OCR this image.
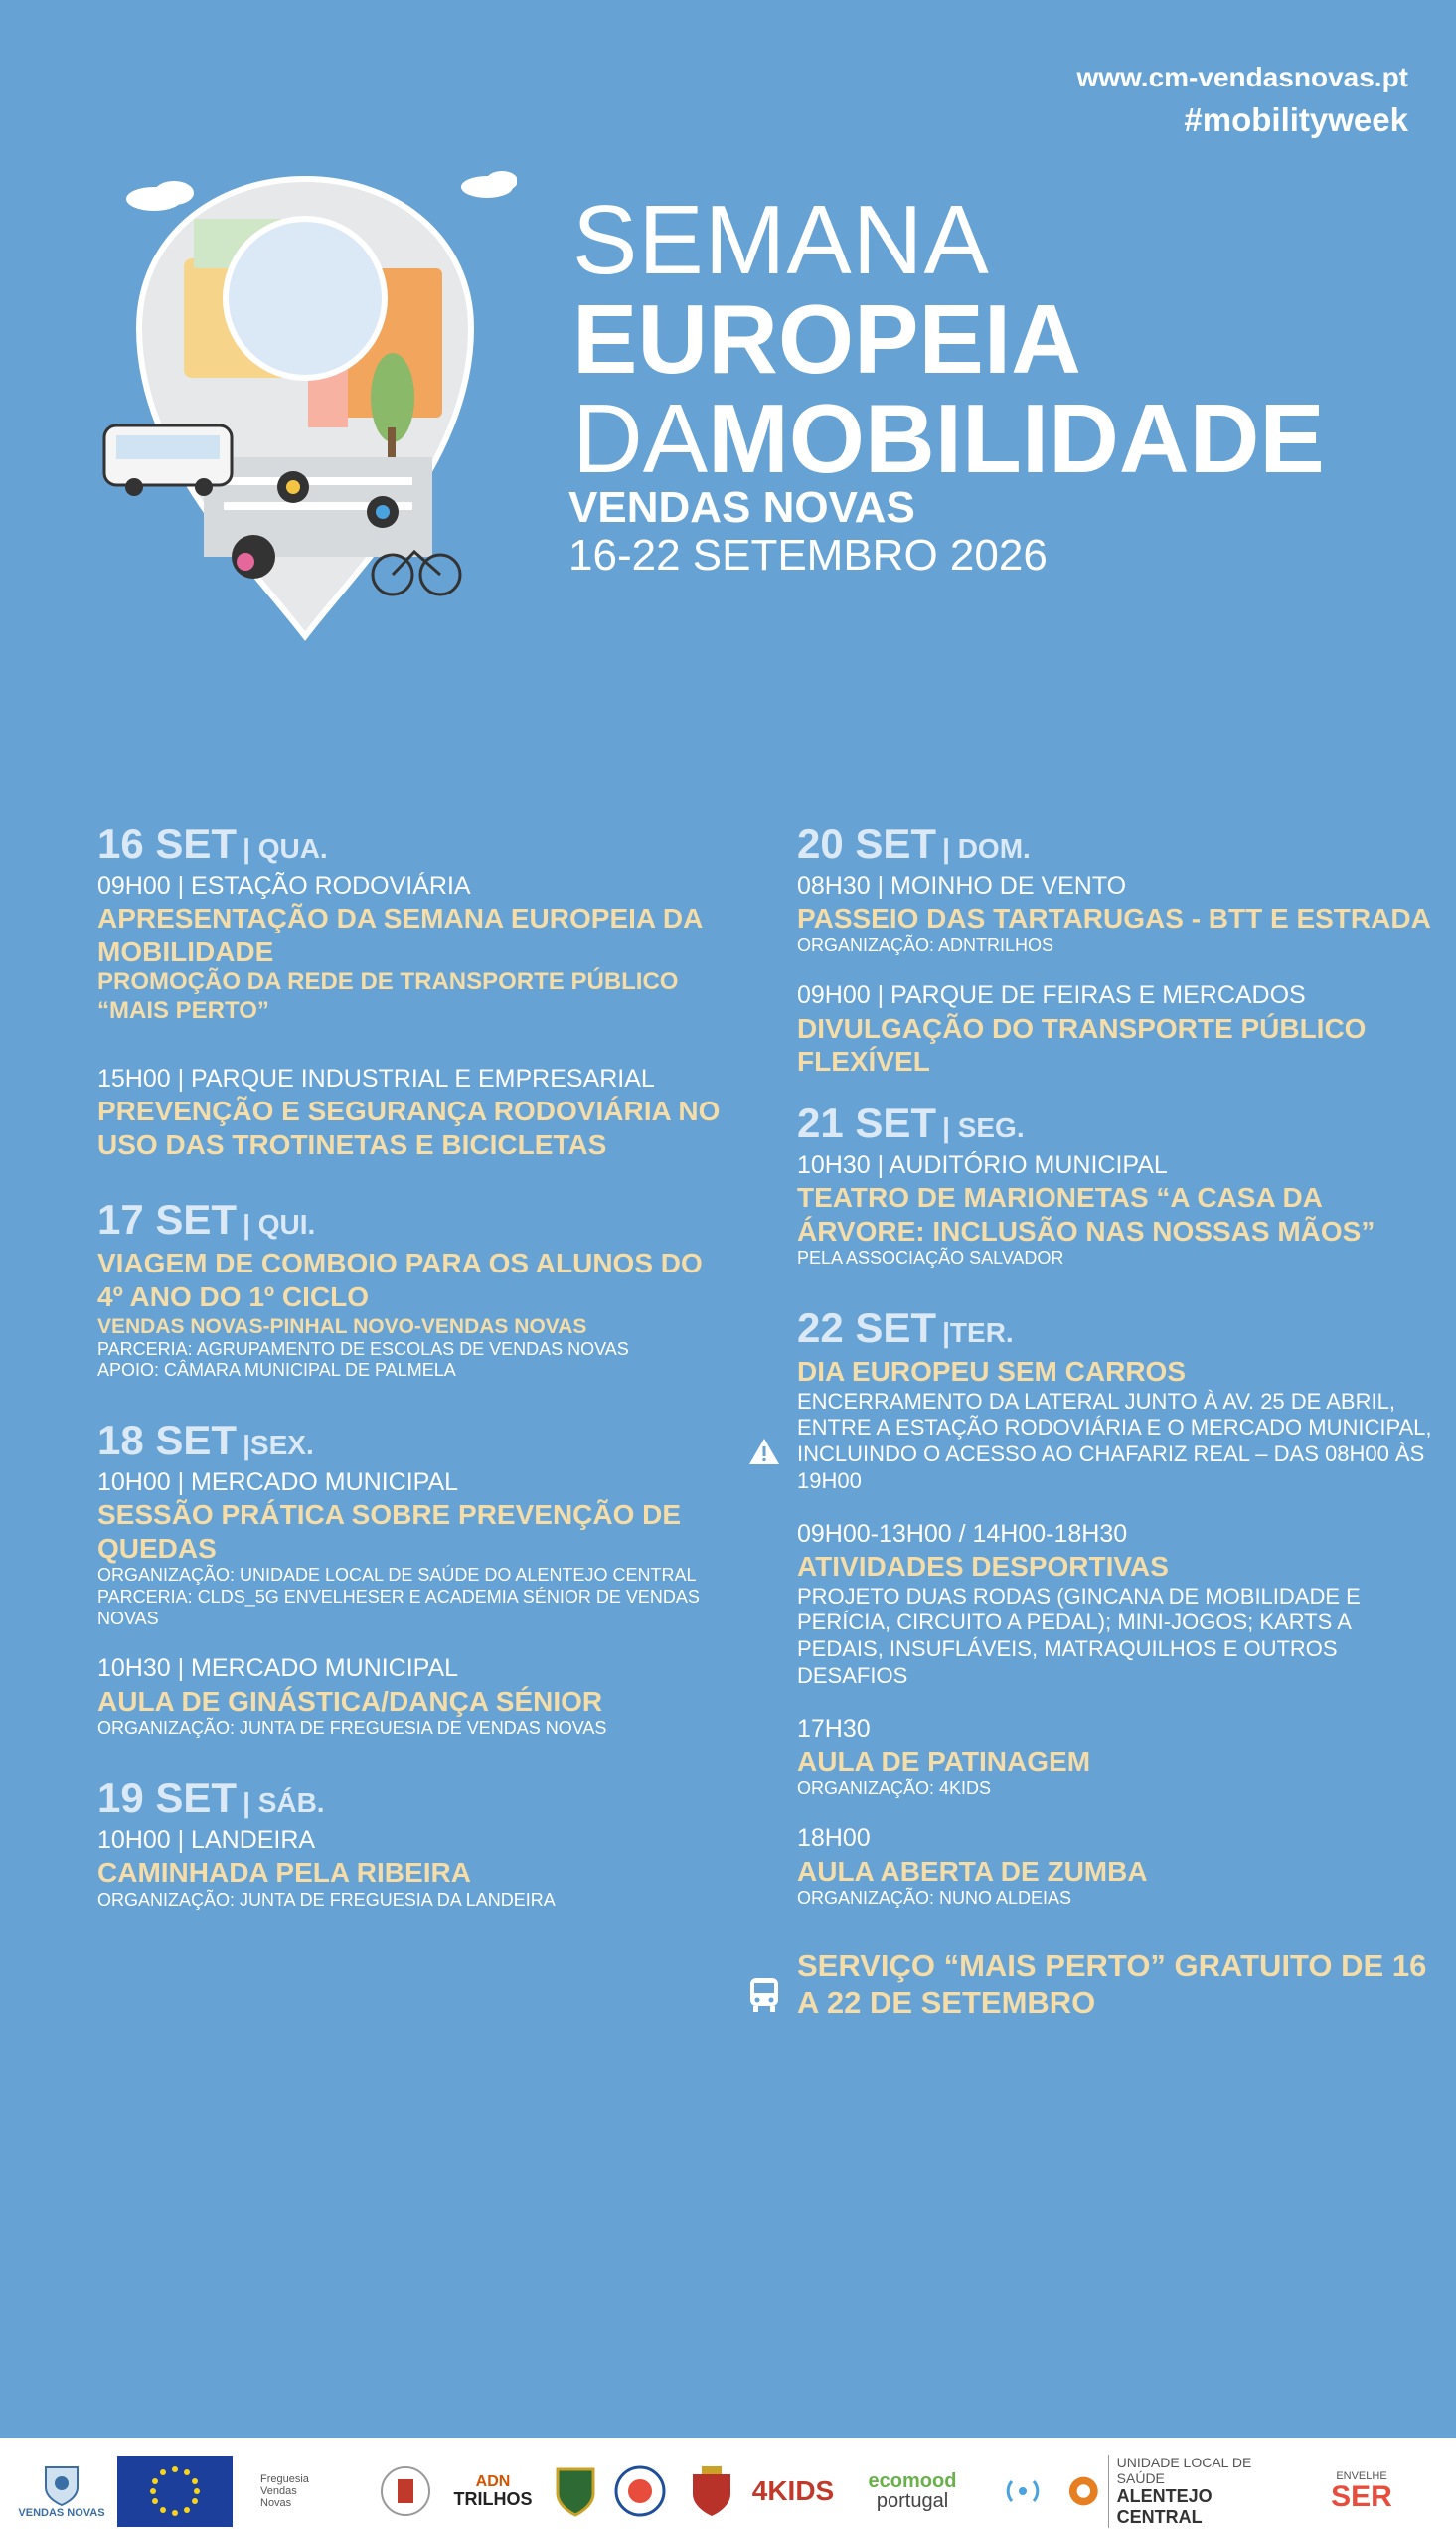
www.cm-vendasnovas.pt
#mobilityweek
SEMANA
EUROPEIA
DAMOBILIDADE
VENDAS NOVAS
16-22 SETEMBRO 2026
16 SET | QUA.
09H00 | ESTAÇÃO RODOVIÁRIA
APRESENTAÇÃO DA SEMANA EUROPEIA DA MOBILIDADE
PROMOÇÃO DA REDE DE TRANSPORTE PÚBLICO “MAIS PERTO”
15H00 | PARQUE INDUSTRIAL E EMPRESARIAL
PREVENÇÃO E SEGURANÇA RODOVIÁRIA NO USO DAS TROTINETAS E BICICLETAS
17 SET | QUI.
VIAGEM DE COMBOIO PARA OS ALUNOS DO 4º ANO DO 1º CICLO
VENDAS NOVAS-PINHAL NOVO-VENDAS NOVAS
PARCERIA: AGRUPAMENTO DE ESCOLAS DE VENDAS NOVAS
APOIO: CÂMARA MUNICIPAL DE PALMELA
18 SET |SEX.
10H00 | MERCADO MUNICIPAL
SESSÃO PRÁTICA SOBRE PREVENÇÃO DE QUEDAS
ORGANIZAÇÃO: UNIDADE LOCAL DE SAÚDE DO ALENTEJO CENTRAL
PARCERIA: CLDS_5G ENVELHESER E ACADEMIA SÉNIOR DE VENDAS NOVAS
10H30 | MERCADO MUNICIPAL
AULA DE GINÁSTICA/DANÇA SÉNIOR
ORGANIZAÇÃO: JUNTA DE FREGUESIA DE VENDAS NOVAS
19 SET | SÁB.
10H00 | LANDEIRA
CAMINHADA PELA RIBEIRA
ORGANIZAÇÃO: JUNTA DE FREGUESIA DA LANDEIRA
20 SET | DOM.
08H30 | MOINHO DE VENTO
PASSEIO DAS TARTARUGAS - BTT E ESTRADA
ORGANIZAÇÃO: ADNTRILHOS
09H00 | PARQUE DE FEIRAS E MERCADOS
DIVULGAÇÃO DO TRANSPORTE PÚBLICO FLEXÍVEL
21 SET | SEG.
10H30 | AUDITÓRIO MUNICIPAL
TEATRO DE MARIONETAS “A CASA DA ÁRVORE: INCLUSÃO NAS NOSSAS MÃOS”
PELA ASSOCIAÇÃO SALVADOR
22 SET |TER.
DIA EUROPEU SEM CARROS
ENCERRAMENTO DA LATERAL JUNTO À AV. 25 DE ABRIL, ENTRE A ESTAÇÃO RODOVIÁRIA E O MERCADO MUNICIPAL, INCLUINDO O ACESSO AO CHAFARIZ REAL – DAS 08H00 ÀS 19H00
09H00-13H00 / 14H00-18H30
ATIVIDADES DESPORTIVAS
PROJETO DUAS RODAS (GINCANA DE MOBILIDADE E PERÍCIA, CIRCUITO A PEDAL); MINI-JOGOS; KARTS A PEDAIS, INSUFLÁVEIS, MATRAQUILHOS E OUTROS DESAFIOS
17H30
AULA DE PATINAGEM
ORGANIZAÇÃO: 4KIDS
18H00
AULA ABERTA DE ZUMBA
ORGANIZAÇÃO: NUNO ALDEIAS
SERVIÇO “MAIS PERTO” GRATUITO DE 16 A 22 DE SETEMBRO
VENDAS NOVAS
Freguesia
Vendas
Novas
ADN
TRILHOS	4KIDS ecomood
portugal
UNIDADE LOCAL DE SAÚDE
ALENTEJO CENTRAL
ENVELHE
SER
